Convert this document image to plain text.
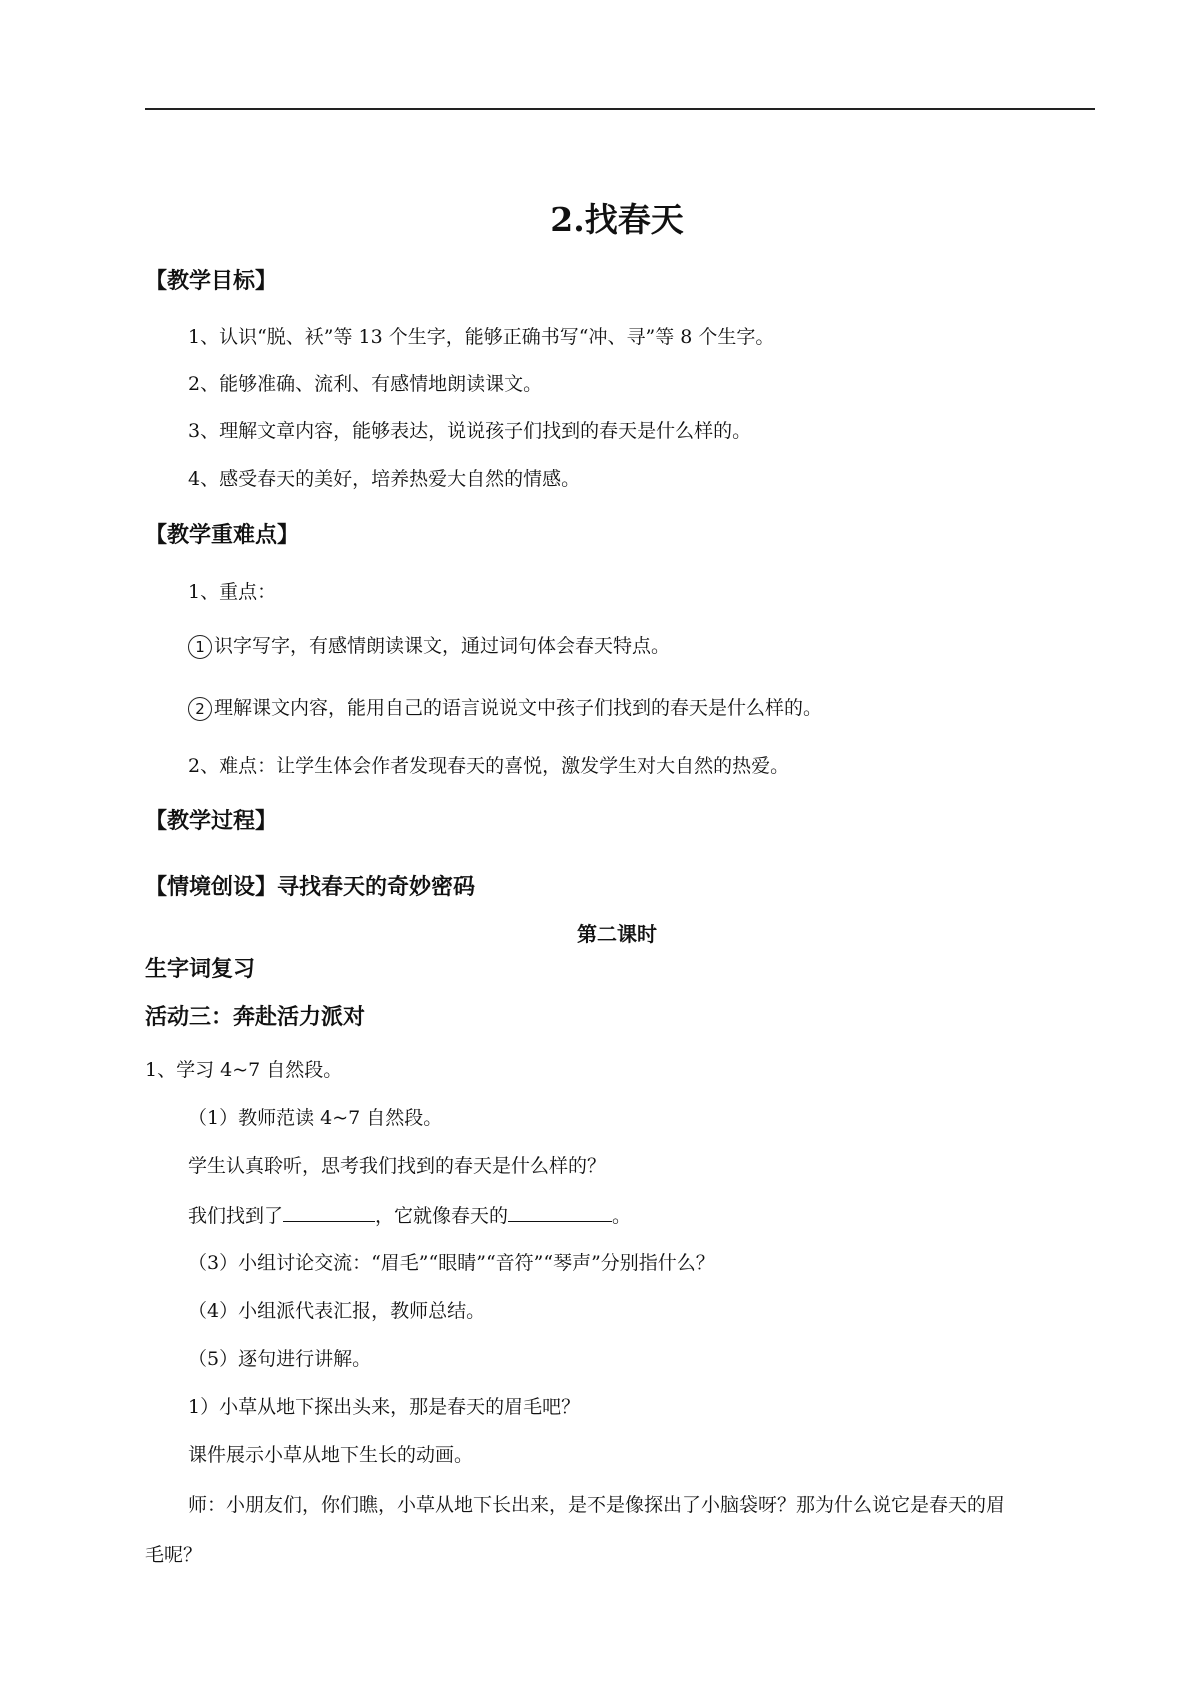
2.找春天
【教学目标】
1、认识“脱、袄”等 13 个生字，能够正确书写“冲、寻”等 8 个生字。
2、能够准确、流利、有感情地朗读课文。
3、理解文章内容，能够表达，说说孩子们找到的春天是什么样的。
4、感受春天的美好，培养热爱大自然的情感。
【教学重难点】
1、重点：
1 识字写字，有感情朗读课文，通过词句体会春天特点。
2 理解课文内容，能用自己的语言说说文中孩子们找到的春天是什么样的。
2、难点：让学生体会作者发现春天的喜悦，激发学生对大自然的热爱。
【教学过程】
【情境创设】寻找春天的奇妙密码
第二课时
生字词复习
活动三：奔赴活力派对
1、学习 4~7 自然段。
（1）教师范读 4~7 自然段。
学生认真聆听，思考我们找到的春天是什么样的？
我们找到了	，它就像春天的	。
（3）小组讨论交流：“眉毛”“眼睛”“音符”“琴声”分别指什么？
（4）小组派代表汇报，教师总结。
（5）逐句进行讲解。
1）小草从地下探出头来，那是春天的眉毛吧？
课件展示小草从地下生长的动画。
师：小朋友们，你们瞧，小草从地下长出来，是不是像探出了小脑袋呀？那为什么说它是春天的眉
毛呢？
